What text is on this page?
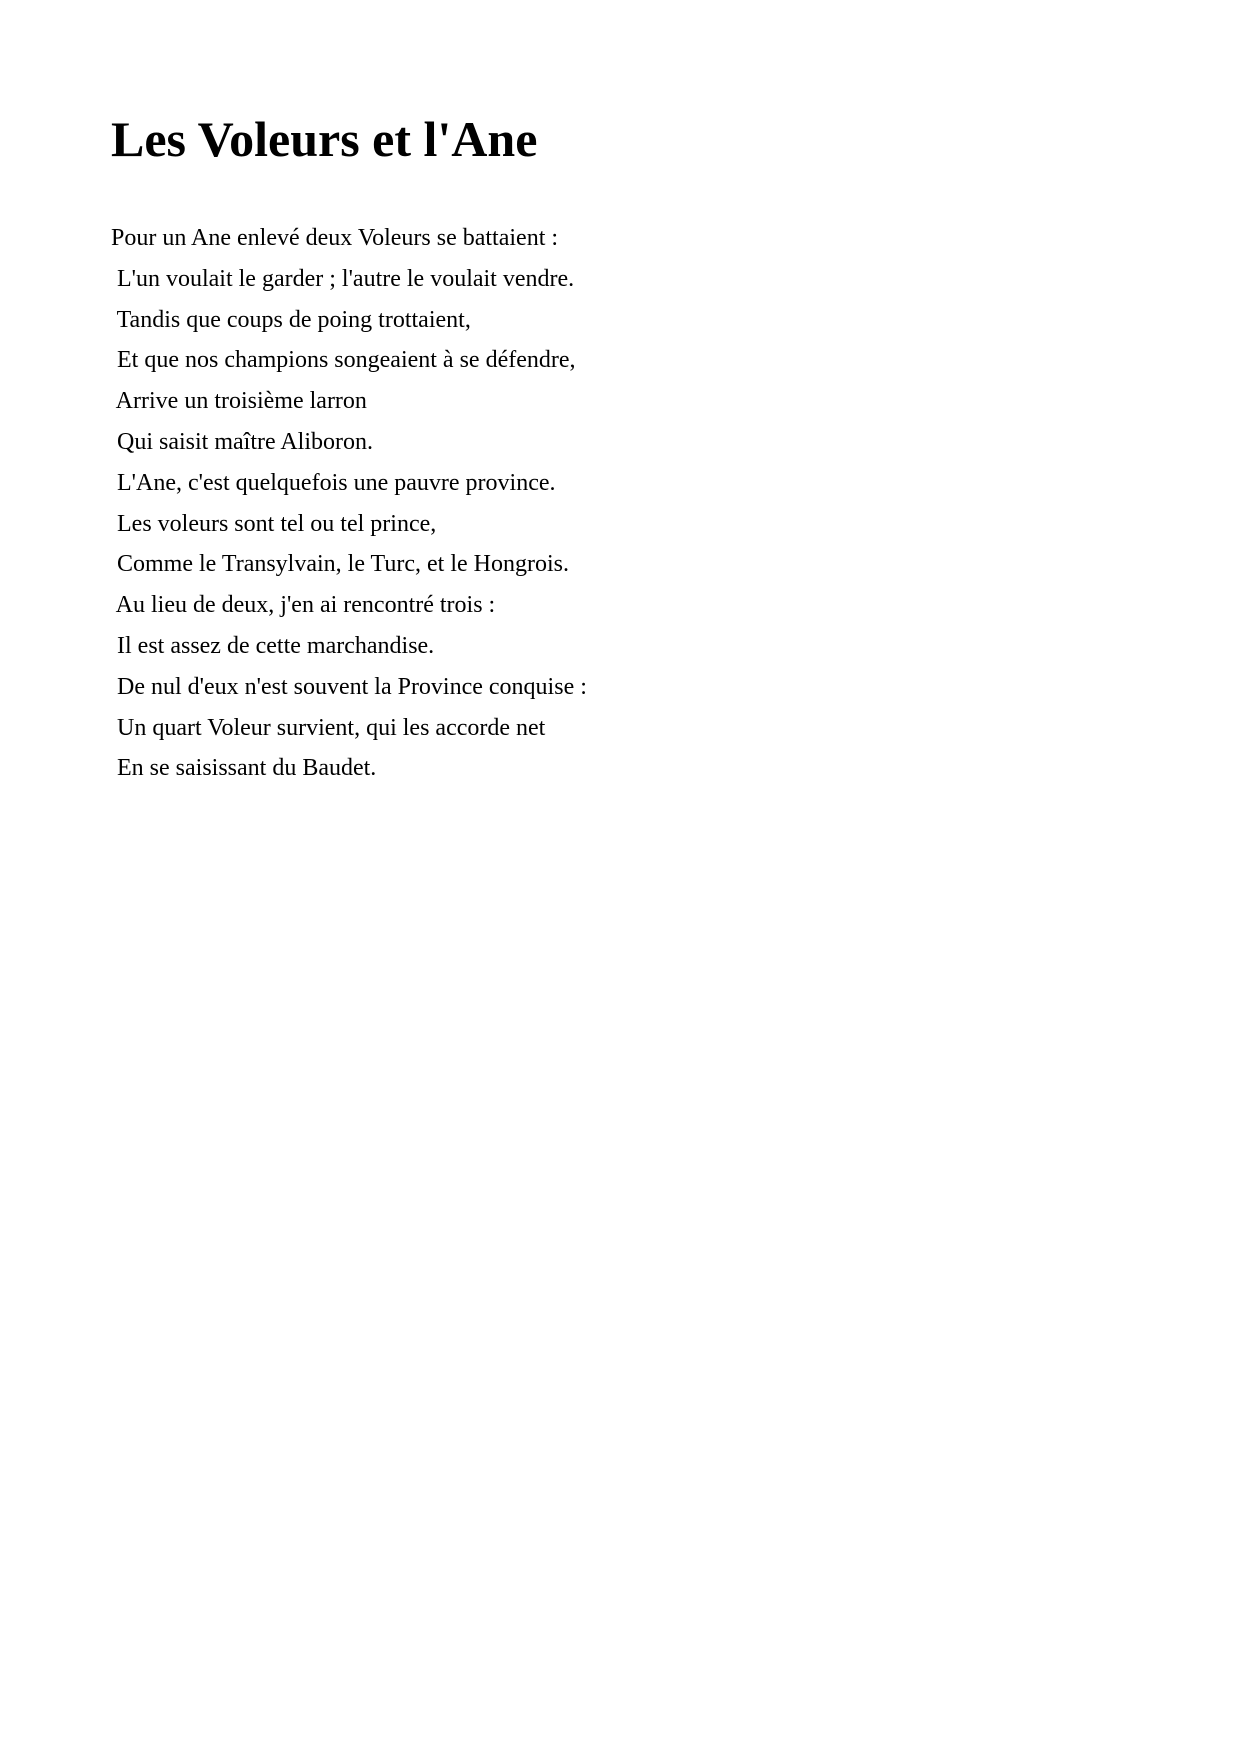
Les Voleurs et l'Ane
Pour un Ane enlevé deux Voleurs se battaient :
L'un voulait le garder ; l'autre le voulait vendre.
Tandis que coups de poing trottaient,
Et que nos champions songeaient à se défendre,
Arrive un troisième larron
Qui saisit maître Aliboron.
L'Ane, c'est quelquefois une pauvre province.
Les voleurs sont tel ou tel prince,
Comme le Transylvain, le Turc, et le Hongrois.
Au lieu de deux, j'en ai rencontré trois :
Il est assez de cette marchandise.
De nul d'eux n'est souvent la Province conquise :
Un quart Voleur survient, qui les accorde net
En se saisissant du Baudet.
